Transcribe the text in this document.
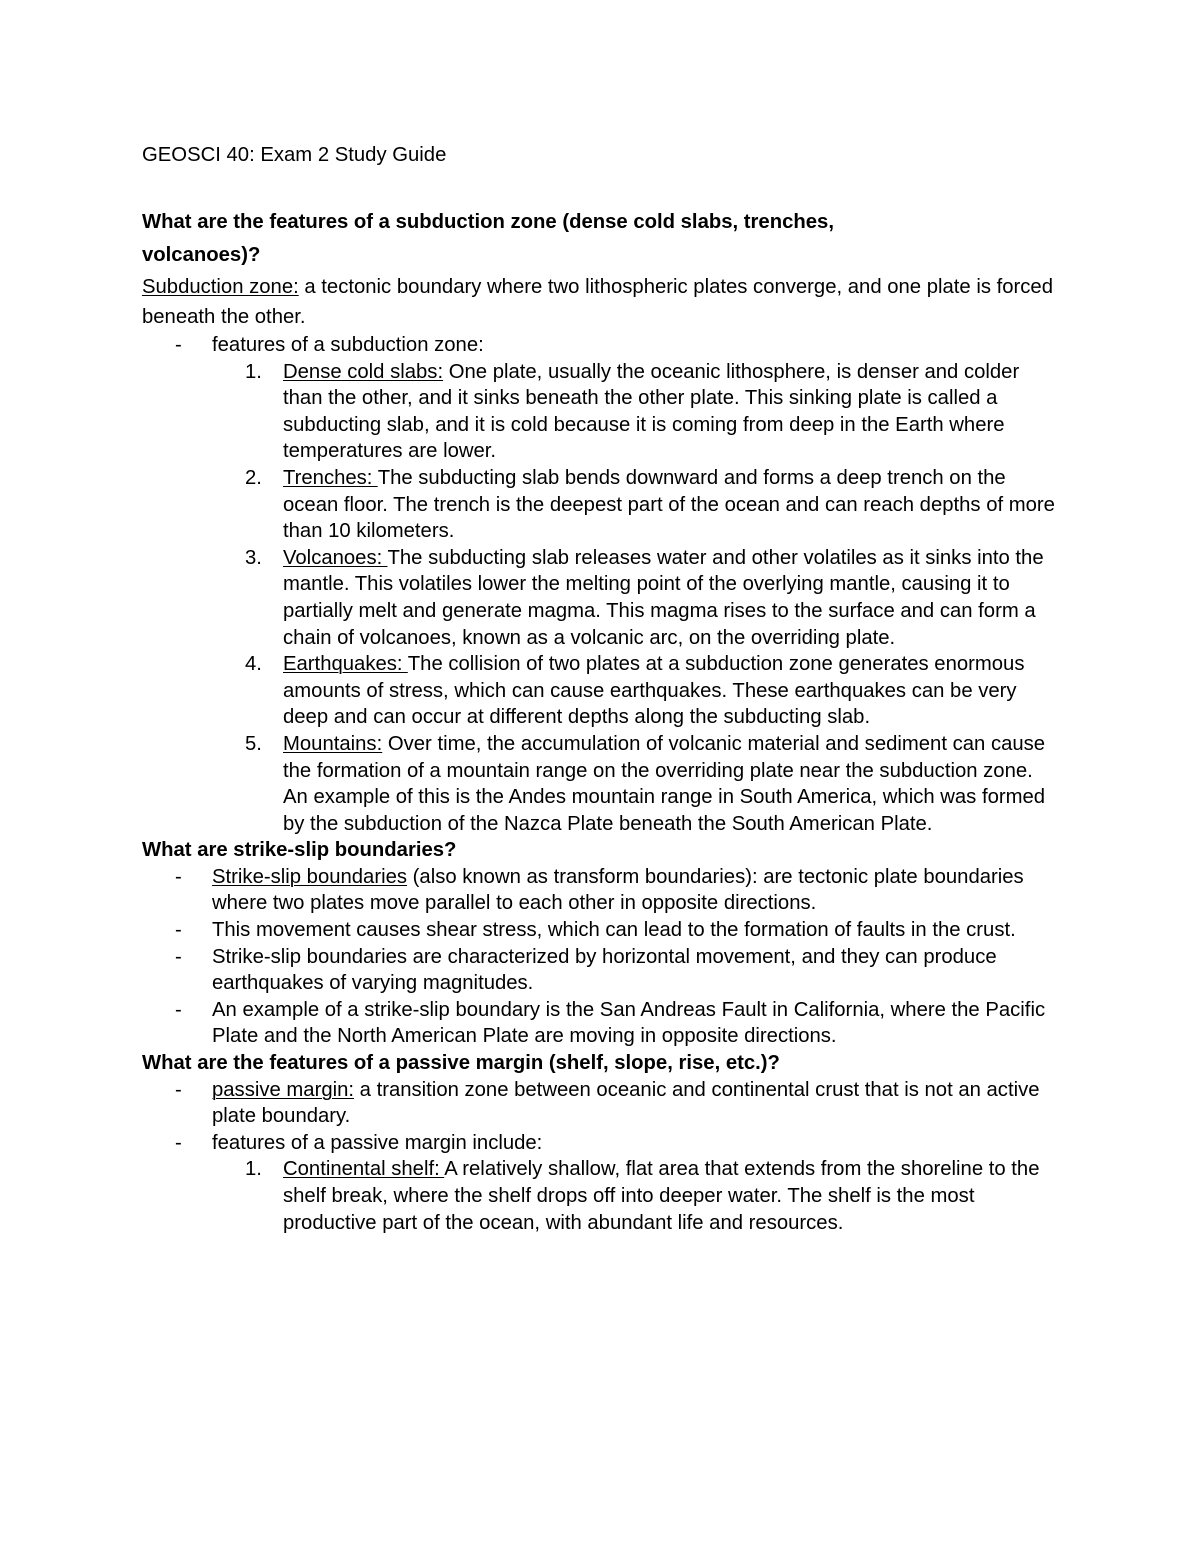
GEOSCI 40: Exam 2 Study Guide
What are the features of a subduction zone (dense cold slabs, trenches,
volcanoes)?

Subduction zone: a tectonic boundary where two lithospheric plates converge, and one plate is forced beneath the other.

- features of a subduction zone:
1. Dense cold slabs: One plate, usually the oceanic lithosphere, is denser and colder than the other, and it sinks beneath the other plate. This sinking plate is called a subducting slab, and it is cold because it is coming from deep in the Earth where temperatures are lower.
2. Trenches: The subducting slab bends downward and forms a deep trench on the ocean floor. The trench is the deepest part of the ocean and can reach depths of more than 10 kilometers.
3. Volcanoes: The subducting slab releases water and other volatiles as it sinks into the mantle. This volatiles lower the melting point of the overlying mantle, causing it to partially melt and generate magma. This magma rises to the surface and can form a chain of volcanoes, known as a volcanic arc, on the overriding plate.
4. Earthquakes: The collision of two plates at a subduction zone generates enormous amounts of stress, which can cause earthquakes. These earthquakes can be very deep and can occur at different depths along the subducting slab.
5. Mountains: Over time, the accumulation of volcanic material and sediment can cause the formation of a mountain range on the overriding plate near the subduction zone. An example of this is the Andes mountain range in South America, which was formed by the subduction of the Nazca Plate beneath the South American Plate.
What are strike-slip boundaries?
- Strike-slip boundaries (also known as transform boundaries): are tectonic plate boundaries where two plates move parallel to each other in opposite directions.
- This movement causes shear stress, which can lead to the formation of faults in the crust.
- Strike-slip boundaries are characterized by horizontal movement, and they can produce earthquakes of varying magnitudes.
- An example of a strike-slip boundary is the San Andreas Fault in California, where the Pacific Plate and the North American Plate are moving in opposite directions.
What are the features of a passive margin (shelf, slope, rise, etc.)?
- passive margin: a transition zone between oceanic and continental crust that is not an active plate boundary.
- features of a passive margin include:
1. Continental shelf: A relatively shallow, flat area that extends from the shoreline to the shelf break, where the shelf drops off into deeper water. The shelf is the most productive part of the ocean, with abundant life and resources.
